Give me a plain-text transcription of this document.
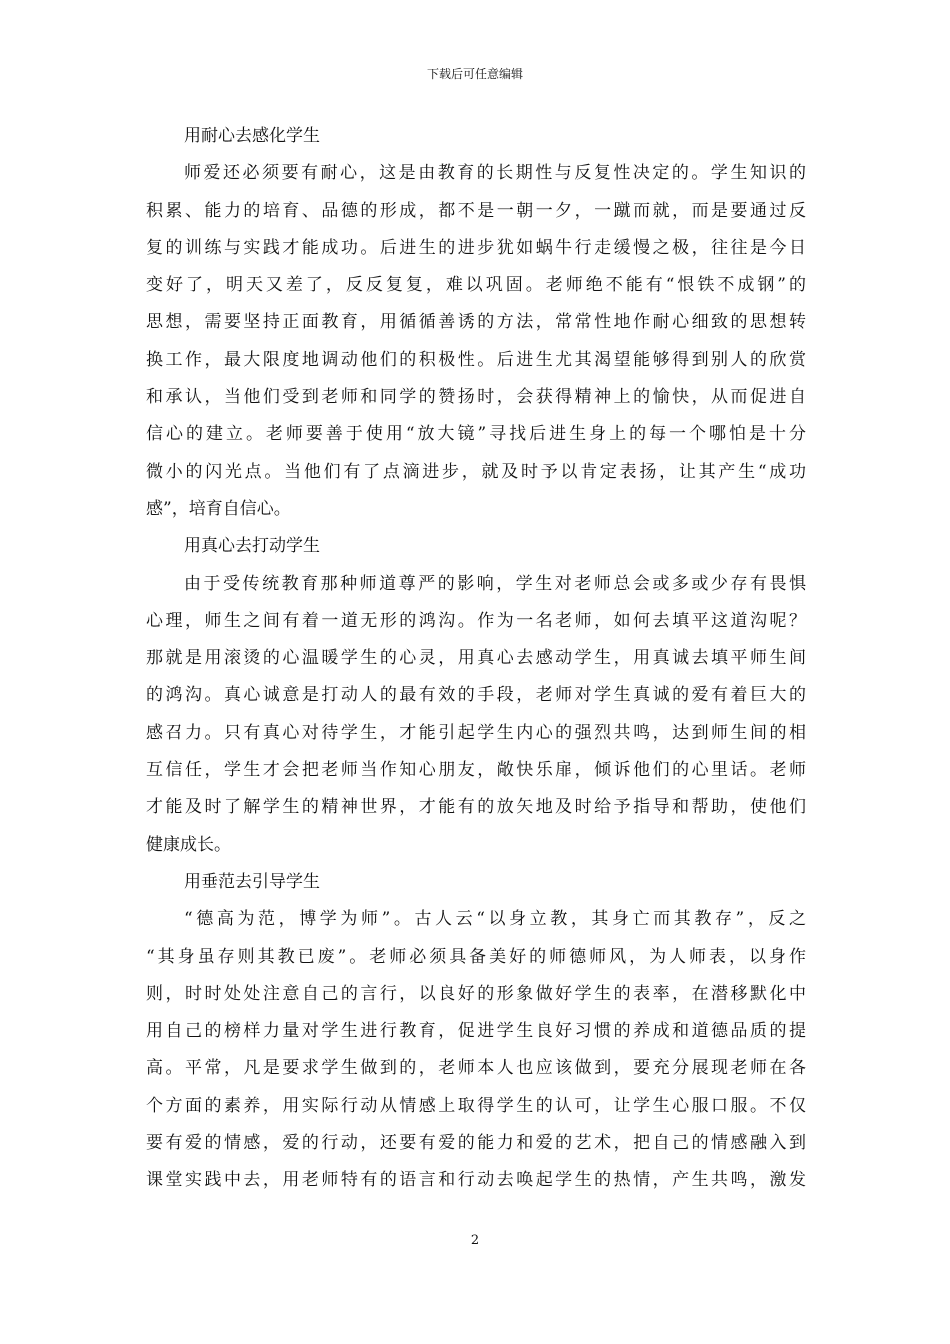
下载后可任意编辑
用耐心去感化学生
师爱还必须要有耐心，这是由教育的长期性与反复性决定的。学生知识的
积累、能力的培育、品德的形成，都不是一朝一夕，一蹴而就，而是要通过反
复的训练与实践才能成功。后进生的进步犹如蜗牛行走缓慢之极，往往是今日
变好了，明天又差了，反反复复，难以巩固。老师绝不能有“恨铁不成钢”的
思想，需要坚持正面教育，用循循善诱的方法，常常性地作耐心细致的思想转
换工作，最大限度地调动他们的积极性。后进生尤其渴望能够得到别人的欣赏
和承认，当他们受到老师和同学的赞扬时，会获得精神上的愉快，从而促进自
信心的建立。老师要善于使用“放大镜”寻找后进生身上的每一个哪怕是十分
微小的闪光点。当他们有了点滴进步，就及时予以肯定表扬，让其产生“成功
感”，培育自信心。
用真心去打动学生
由于受传统教育那种师道尊严的影响，学生对老师总会或多或少存有畏惧
心理，师生之间有着一道无形的鸿沟。作为一名老师，如何去填平这道沟呢？
那就是用滚烫的心温暖学生的心灵，用真心去感动学生，用真诚去填平师生间
的鸿沟。真心诚意是打动人的最有效的手段，老师对学生真诚的爱有着巨大的
感召力。只有真心对待学生，才能引起学生内心的强烈共鸣，达到师生间的相
互信任，学生才会把老师当作知心朋友，敞快乐扉，倾诉他们的心里话。老师
才能及时了解学生的精神世界，才能有的放矢地及时给予指导和帮助，使他们
健康成长。
用垂范去引导学生
“德高为范，博学为师”。古人云“以身立教，其身亡而其教存”，反之
“其身虽存则其教已废”。老师必须具备美好的师德师风，为人师表，以身作
则，时时处处注意自己的言行，以良好的形象做好学生的表率，在潜移默化中
用自己的榜样力量对学生进行教育，促进学生良好习惯的养成和道德品质的提
高。平常，凡是要求学生做到的，老师本人也应该做到，要充分展现老师在各
个方面的素养，用实际行动从情感上取得学生的认可，让学生心服口服。不仅
要有爱的情感，爱的行动，还要有爱的能力和爱的艺术，把自己的情感融入到
课堂实践中去，用老师特有的语言和行动去唤起学生的热情，产生共鸣，激发
2
